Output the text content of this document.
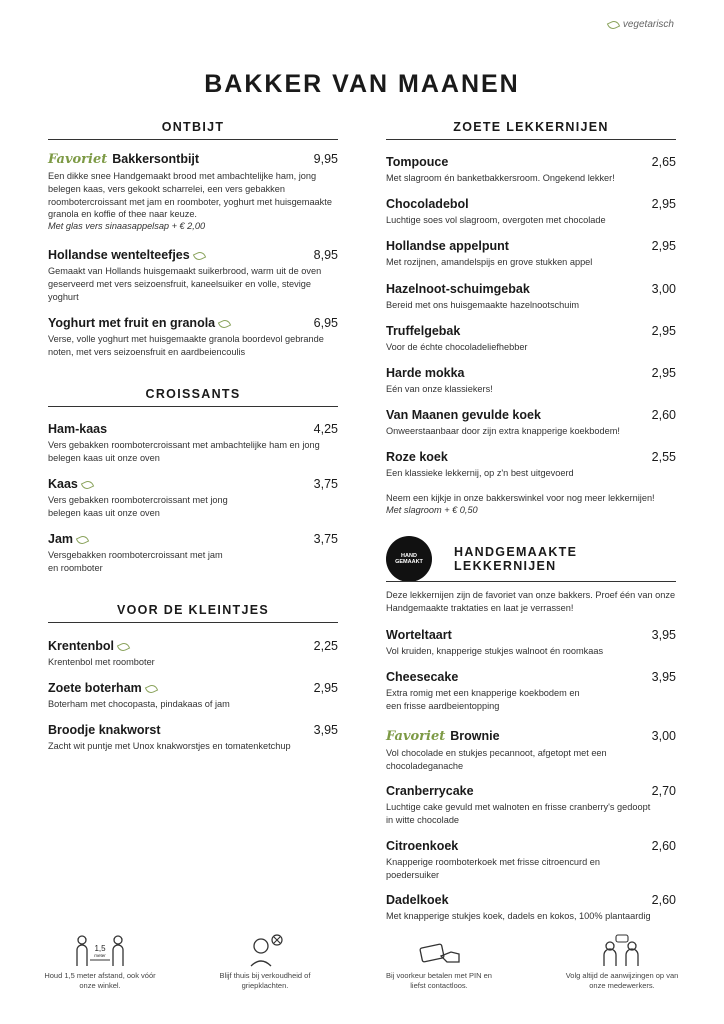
vegetarisch
BAKKER VAN MAANEN
ONTBIJT
Favoriet Bakkersontbijt	9,95
Een dikke snee Handgemaakt brood met ambachtelijke ham, jong belegen kaas, vers gekookt scharrelei, een vers gebakken roombotercroissant met jam en roomboter, yoghurt met huisgemaakte granola en koffie of thee naar keuze.
Met glas vers sinaasappelsap + € 2,00
Hollandse wentelteefjes	8,95
Gemaakt van Hollands huisgemaakt suikerbrood, warm uit de oven geserveerd met vers seizoensfruit, kaneelsuiker en volle, stevige yoghurt
Yoghurt met fruit en granola	6,95
Verse, volle yoghurt met huisgemaakte granola boordevol gebrande noten, met vers seizoensfruit en aardbeiencoulis
CROISSANTS
Ham-kaas	4,25
Vers gebakken roombotercroissant met ambachtelijke ham en jong belegen kaas uit onze oven
Kaas	3,75
Vers gebakken roombotercroissant met jong belegen kaas uit onze oven
Jam	3,75
Versgebakken roombotercroissant met jam en roomboter
VOOR DE KLEINTJES
Krentenbol	2,25
Krentenbol met roomboter
Zoete boterham	2,95
Boterham met chocopasta, pindakaas of jam
Broodje knakworst	3,95
Zacht wit puntje met Unox knakworstjes en tomatenketchup
ZOETE LEKKERNIJEN
Tompouce	2,65
Met slagroom én banketbakkersroom. Ongekend lekker!
Chocoladebol	2,95
Luchtige soes vol slagroom, overgoten met chocolade
Hollandse appelpunt	2,95
Met rozijnen, amandelspijs en grove stukken appel
Hazelnoot-schuimgebak	3,00
Bereid met ons huisgemaakte hazelnootschuim
Truffelgebak	2,95
Voor de échte chocoladeliefhebber
Harde mokka	2,95
Eén van onze klassiekers!
Van Maanen gevulde koek	2,60
Onweerstaanbaar door zijn extra knapperige koekbodem!
Roze koek	2,55
Een klassieke lekkernij, op z'n best uitgevoerd
Neem een kijkje in onze bakkerswinkel voor nog meer lekkernijen!
Met slagroom + € 0,50
HAND
GEMAAKT
HANDGEMAAKTE LEKKERNIJEN
Deze lekkernijen zijn de favoriet van onze bakkers. Proef één van onze Handgemaakte traktaties en laat je verrassen!
Worteltaart	3,95
Vol kruiden, knapperige stukjes walnoot én roomkaas
Cheesecake	3,95
Extra romig met een knapperige koekbodem en een frisse aardbeientopping
Favoriet Brownie	3,00
Vol chocolade en stukjes pecannoot, afgetopt met een chocoladeganache
Cranberrycake	2,70
Luchtige cake gevuld met walnoten en frisse cranberry's gedoopt in witte chocolade
Citroenkoek	2,60
Knapperige roomboterkoek met frisse citroencurd en poedersuiker
Dadelkoek	2,60
Met knapperige stukjes koek, dadels en kokos, 100% plantaardig
1,5
meter
Houd 1,5 meter afstand, ook vóór onze winkel.
Blijf thuis bij verkoudheid of griepklachten.
Bij voorkeur betalen met PIN en liefst contactloos.
Volg altijd de aanwijzingen op van onze medewerkers.
